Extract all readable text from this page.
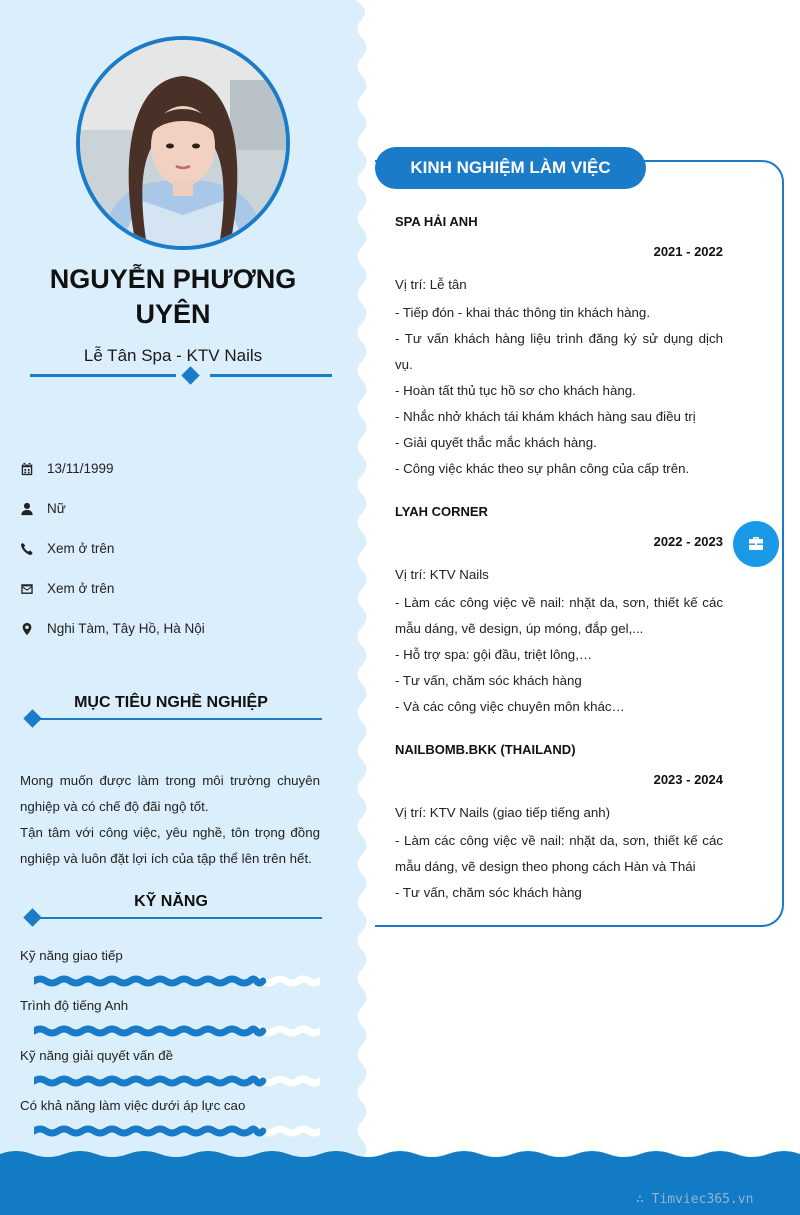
NGUYỄN PHƯƠNG UYÊN
Lễ Tân Spa - KTV Nails
13/11/1999
Nữ
Xem ở trên
Xem ở trên
Nghi Tàm, Tây Hồ, Hà Nội
MỤC TIÊU NGHỀ NGHIỆP

Mong muốn được làm trong môi trường chuyên nghiệp và có chế độ đãi ngộ tốt.

Tận tâm với công việc, yêu nghề, tôn trọng đồng nghiệp và luôn đặt lợi ích của tập thể lên trên hết.

KỸ NĂNG
Kỹ năng giao tiếp
Trình độ tiếng Anh
Kỹ năng giải quyết vấn đề
Có khả năng làm việc dưới áp lực cao
KINH NGHIỆM LÀM VIỆC
SPA HẢI ANH
2021 - 2022
Vị trí: Lễ tân
- Tiếp đón - khai thác thông tin khách hàng.
- Tư vấn khách hàng liệu trình đăng ký sử dụng dịch vụ.
- Hoàn tất thủ tục hồ sơ cho khách hàng.
- Nhắc nhở khách tái khám khách hàng sau điều trị
- Giải quyết thắc mắc khách hàng.
- Công việc khác theo sự phân công của cấp trên.
LYAH CORNER
2022 - 2023
Vị trí: KTV Nails
- Làm các công việc về nail: nhặt da, sơn, thiết kế các mẫu dáng, vẽ design, úp móng, đắp gel,...
- Hỗ trợ spa: gội đầu, triệt lông,…
- Tư vấn, chăm sóc khách hàng
- Và các công việc chuyên môn khác…
NAILBOMB.BKK (THAILAND)
2023 - 2024
Vị trí: KTV Nails (giao tiếp tiếng anh)
- Làm các công việc về nail: nhặt da, sơn, thiết kế các mẫu dáng, vẽ design theo phong cách Hàn và Thái
- Tư vấn, chăm sóc khách hàng
∴ Timviec365.vn
